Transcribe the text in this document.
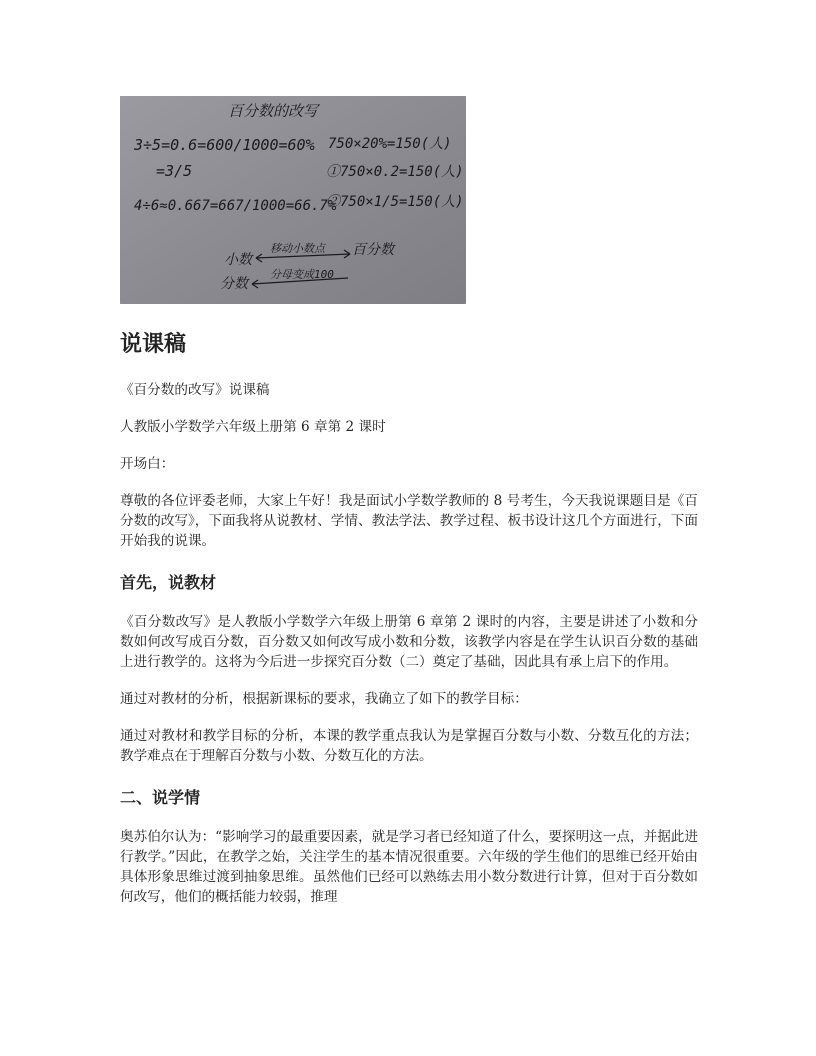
百分数的改写
3÷5=0.6=600/1000=60%
=3/5
4÷6≈0.667=667/1000=66.7%
750×20%=150(人)
①750×0.2=150(人)
②750×1/5=150(人)
小数
移动小数点 百分数
分数
分母变成100
说课稿

《百分数的改写》说课稿

人教版小学数学六年级上册第 6 章第 2 课时

开场白：

尊敬的各位评委老师，大家上午好！我是面试小学数学教师的 8 号考生，今天我说课题目是《百分数的改写》，下面我将从说教材、学情、教法学法、教学过程、板书设计这几个方面进行，下面开始我的说课。

首先，说教材

《百分数改写》是人教版小学数学六年级上册第 6 章第 2 课时的内容，主要是讲述了小数和分数如何改写成百分数，百分数又如何改写成小数和分数，该教学内容是在学生认识百分数的基础上进行教学的。这将为今后进一步探究百分数（二）奠定了基础，因此具有承上启下的作用。

通过对教材的分析，根据新课标的要求，我确立了如下的教学目标：

通过对教材和教学目标的分析，本课的教学重点我认为是掌握百分数与小数、分数互化的方法；教学难点在于理解百分数与小数、分数互化的方法。

二、说学情

奥苏伯尔认为：“影响学习的最重要因素，就是学习者已经知道了什么，要探明这一点，并据此进行教学。”因此，在教学之始，关注学生的基本情况很重要。六年级的学生他们的思维已经开始由具体形象思维过渡到抽象思维。虽然他们已经可以熟练去用小数分数进行计算，但对于百分数如何改写，他们的概括能力较弱，推理
